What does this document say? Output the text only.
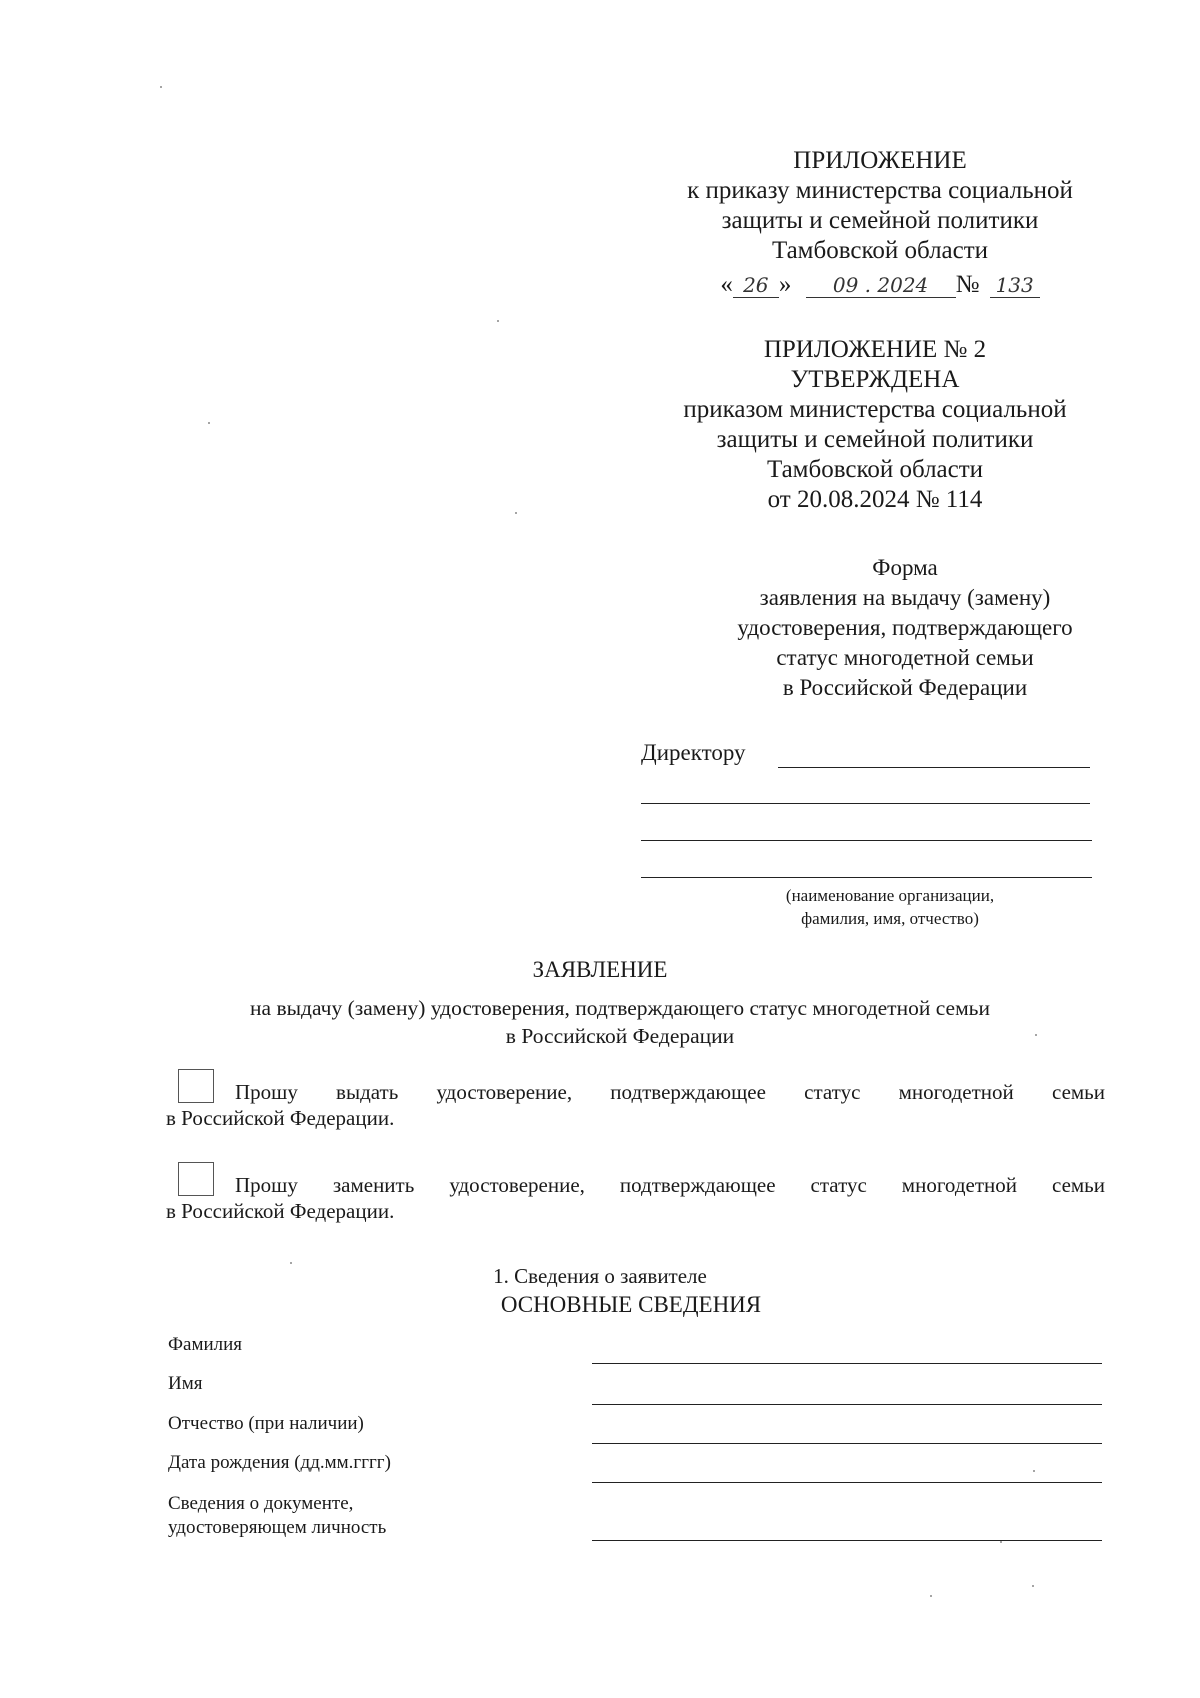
ПРИЛОЖЕНИЕ
к приказу министерства социальной
защиты и семейной политики
Тамбовской области
« 26 » 09 . 2024 № 133
ПРИЛОЖЕНИЕ № 2
УТВЕРЖДЕНА
приказом министерства социальной
защиты и семейной политики
Тамбовской области
от 20.08.2024 № 114
Форма
заявления на выдачу (замену)
удостоверения, подтверждающего
статус многодетной семьи
в Российской Федерации
Директору
(наименование организации,
фамилия, имя, отчество)
ЗАЯВЛЕНИЕ
на выдачу (замену) удостоверения, подтверждающего статус многодетной семьи
в Российской Федерации
Прошу выдать удостоверение, подтверждающее статус многодетной семьи
в Российской Федерации.
Прошу заменить удостоверение, подтверждающее статус многодетной семьи
в Российской Федерации.
1. Сведения о заявителе
ОСНОВНЫЕ СВЕДЕНИЯ
Фамилия
Имя
Отчество (при наличии)
Дата рождения (дд.мм.гггг)
Сведения о документе,
удостоверяющем личность
